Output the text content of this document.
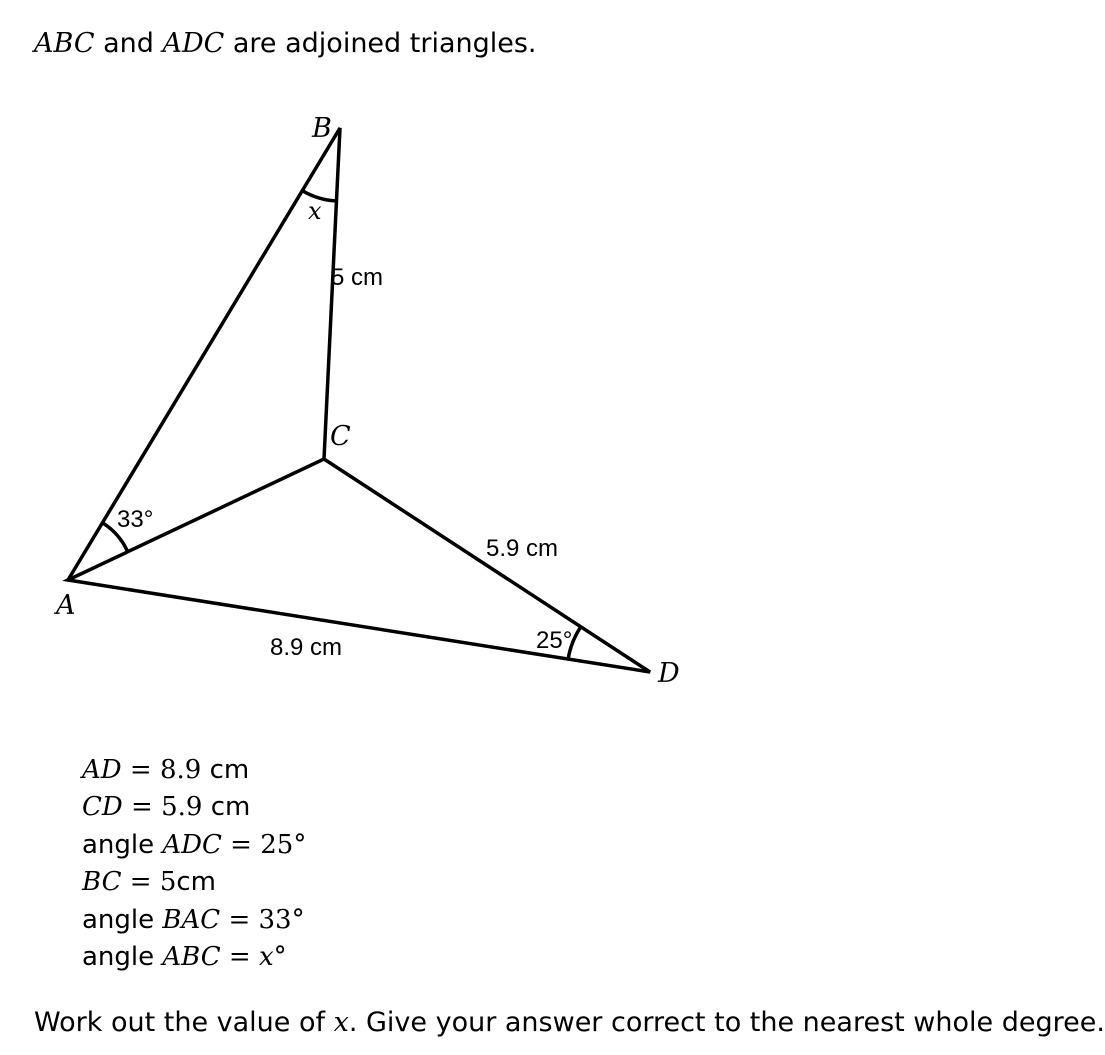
ABC and ADC are adjoined triangles.
A
B
C
D
x
5 cm
5.9 cm
8.9 cm
33°
25°
AD = 8.9 cm
CD = 5.9 cm
angle ADC = 25°
BC = 5cm
angle BAC = 33°
angle ABC = x°
Work out the value of x. Give your answer correct to the nearest whole degree.
